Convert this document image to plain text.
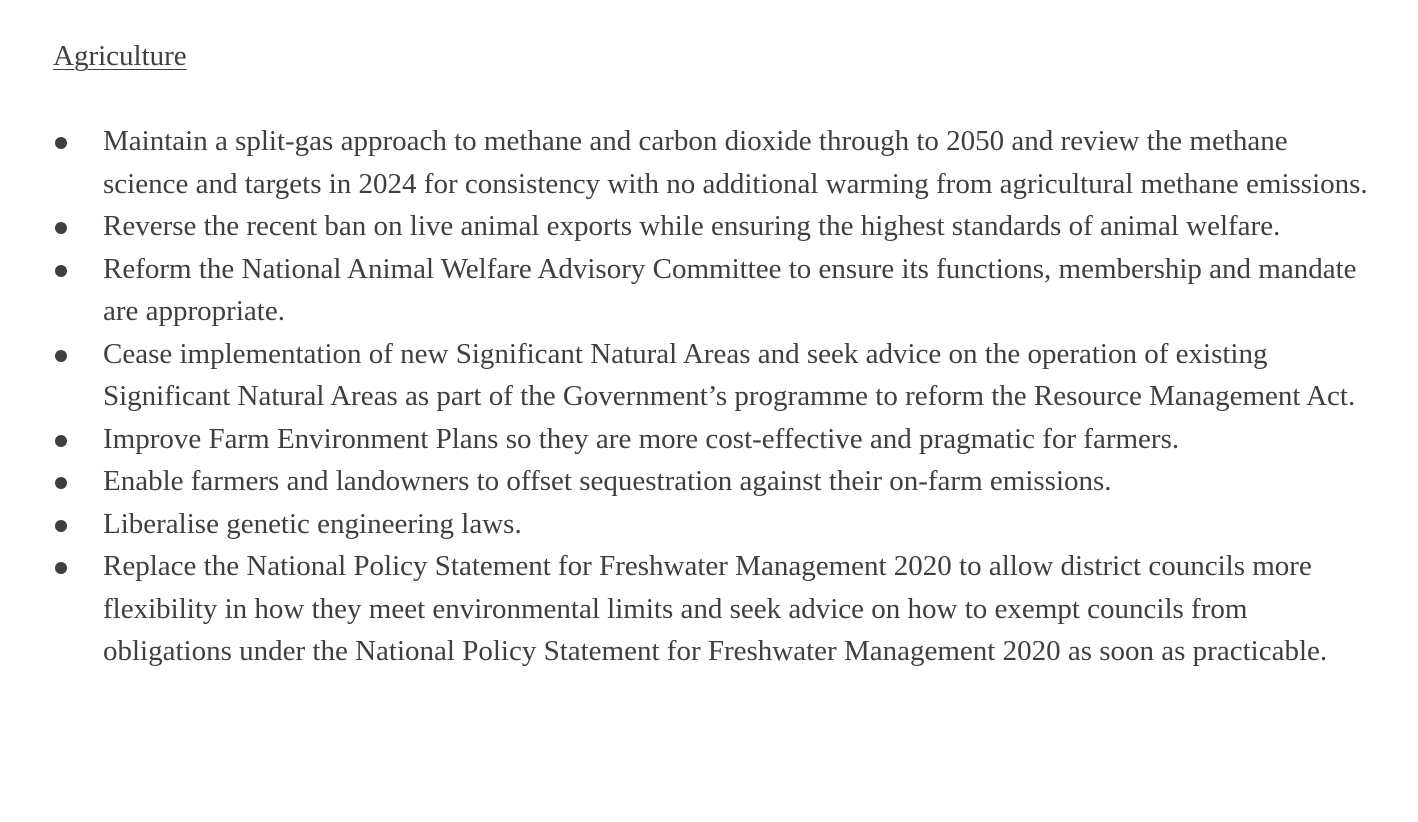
Agriculture
Maintain a split-gas approach to methane and carbon dioxide through to 2050 and review the methane science and targets in 2024 for consistency with no additional warming from agricultural methane emissions.
Reverse the recent ban on live animal exports while ensuring the highest standards of animal welfare.
Reform the National Animal Welfare Advisory Committee to ensure its functions, membership and mandate are appropriate.
Cease implementation of new Significant Natural Areas and seek advice on the operation of existing Significant Natural Areas as part of the Government’s programme to reform the Resource Management Act.
Improve Farm Environment Plans so they are more cost-effective and pragmatic for farmers.
Enable farmers and landowners to offset sequestration against their on-farm emissions.
Liberalise genetic engineering laws.
Replace the National Policy Statement for Freshwater Management 2020 to allow district councils more flexibility in how they meet environmental limits and seek advice on how to exempt councils from obligations under the National Policy Statement for Freshwater Management 2020 as soon as practicable.
